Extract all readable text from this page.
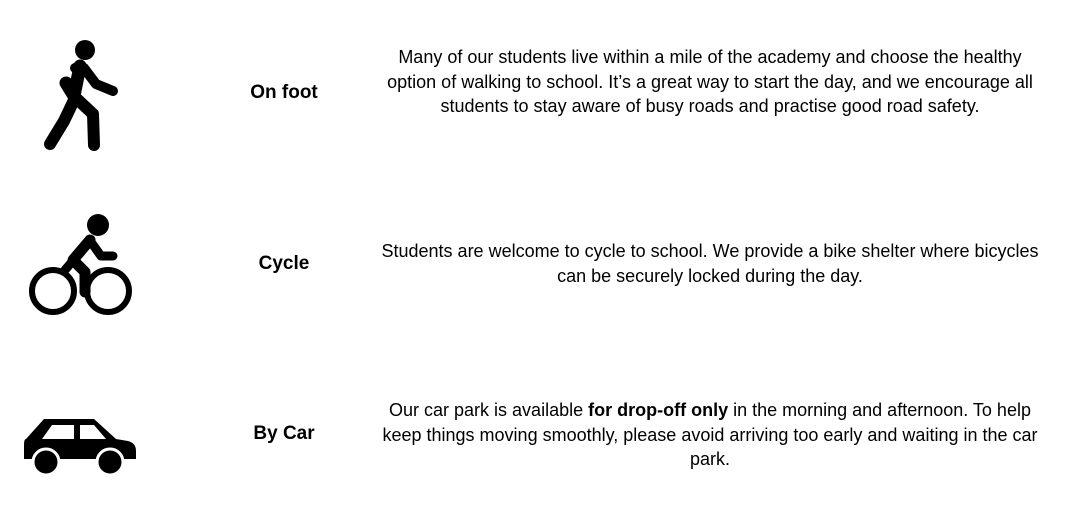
On foot
Many of our students live within a mile of the academy and choose the healthy option of walking to school. It’s a great way to start the day, and we encourage all students to stay aware of busy roads and practise good road safety.
Cycle
Students are welcome to cycle to school. We provide a bike shelter where bicycles can be securely locked during the day.
By Car
Our car park is available for drop-off only in the morning and afternoon. To help keep things moving smoothly, please avoid arriving too early and waiting in the car park.
